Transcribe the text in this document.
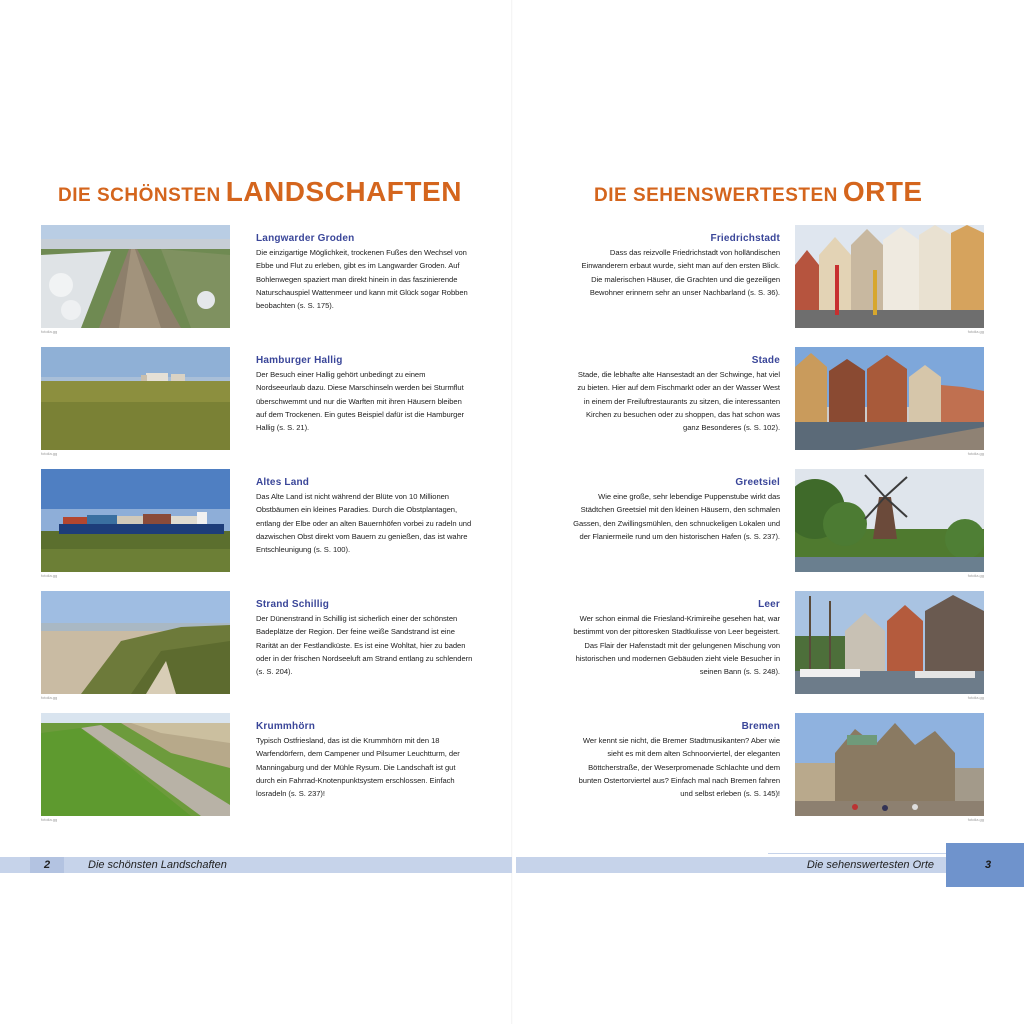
DIE SCHÖNSTEN LANDSCHAFTEN
fotolia.gg

Langwarder Groden

Die einzigartige Möglichkeit, trockenen Fußes den Wechsel von Ebbe und Flut zu erleben, gibt es im Langwarder Groden. Auf Bohlenwegen spaziert man direkt hinein in das faszinierende Naturschauspiel Wattenmeer und kann mit Glück sogar Robben beobachten (s. S. 175).

fotolia.gg

Hamburger Hallig

Der Besuch einer Hallig gehört unbedingt zu einem Nordseeurlaub dazu. Diese Marschinseln werden bei Sturmflut überschwemmt und nur die Warften mit ihren Häusern bleiben auf dem Trockenen. Ein gutes Beispiel dafür ist die Hamburger Hallig (s. S. 21).

fotolia.gg

Altes Land

Das Alte Land ist nicht während der Blüte von 10 Millionen Obstbäumen ein kleines Paradies. Durch die Obstplantagen, entlang der Elbe oder an alten Bauernhöfen vorbei zu radeln und dazwischen Obst direkt vom Bauern zu genießen, das ist wahre Entschleunigung (s. S. 100).

fotolia.gg

Strand Schillig

Der Dünenstrand in Schillig ist sicherlich einer der schönsten Badeplätze der Region. Der feine weiße Sandstrand ist eine Rarität an der Festlandküste. Es ist eine Wohltat, hier zu baden oder in der frischen Nordseeluft am Strand entlang zu schlendern (s. S. 204).

fotolia.gg

Krummhörn

Typisch Ostfriesland, das ist die Krummhörn mit den 18 Warfendörfern, dem Campener und Pilsumer Leuchtturm, der Manningaburg und der Mühle Rysum. Die Landschaft ist gut durch ein Fahrrad-Knotenpunktsystem erschlossen. Einfach losradeln (s. S. 237)!

DIE SEHENSWERTESTEN ORTE
fotolia.gg

Friedrichstadt

Dass das reizvolle Friedrichstadt von holländischen Einwanderern erbaut wurde, sieht man auf den ersten Blick. Die malerischen Häuser, die Grachten und die gezeiligen Bewohner erinnern sehr an unser Nachbarland (s. S. 36).

fotolia.gg

Stade

Stade, die lebhafte alte Hansestadt an der Schwinge, hat viel zu bieten. Hier auf dem Fischmarkt oder an der Wasser West in einem der Freiluftrestaurants zu sitzen, die interessanten Kirchen zu besuchen oder zu shoppen, das hat schon was ganz Besonderes (s. S. 102).

fotolia.gg

Greetsiel

Wie eine große, sehr lebendige Puppenstube wirkt das Städtchen Greetsiel mit den kleinen Häusern, den schmalen Gassen, den Zwillingsmühlen, den schnuckeligen Lokalen und der Flaniermeile rund um den historischen Hafen (s. S. 237).

fotolia.gg

Leer

Wer schon einmal die Friesland-Krimireihe gesehen hat, war bestimmt von der pittoresken Stadtkulisse von Leer begeistert. Das Flair der Hafenstadt mit der gelungenen Mischung von historischen und modernen Gebäuden zieht viele Besucher in seinen Bann (s. S. 248).

fotolia.gg

Bremen

Wer kennt sie nicht, die Bremer Stadtmusikanten? Aber wie sieht es mit dem alten Schnoorviertel, der eleganten Böttcherstraße, der Weserpromenade Schlachte und dem bunten Ostertorviertel aus? Einfach mal nach Bremen fahren und selbst erleben (s. S. 145)!

2	Die schönsten Landschaften	Die sehenswertesten Orte	3
